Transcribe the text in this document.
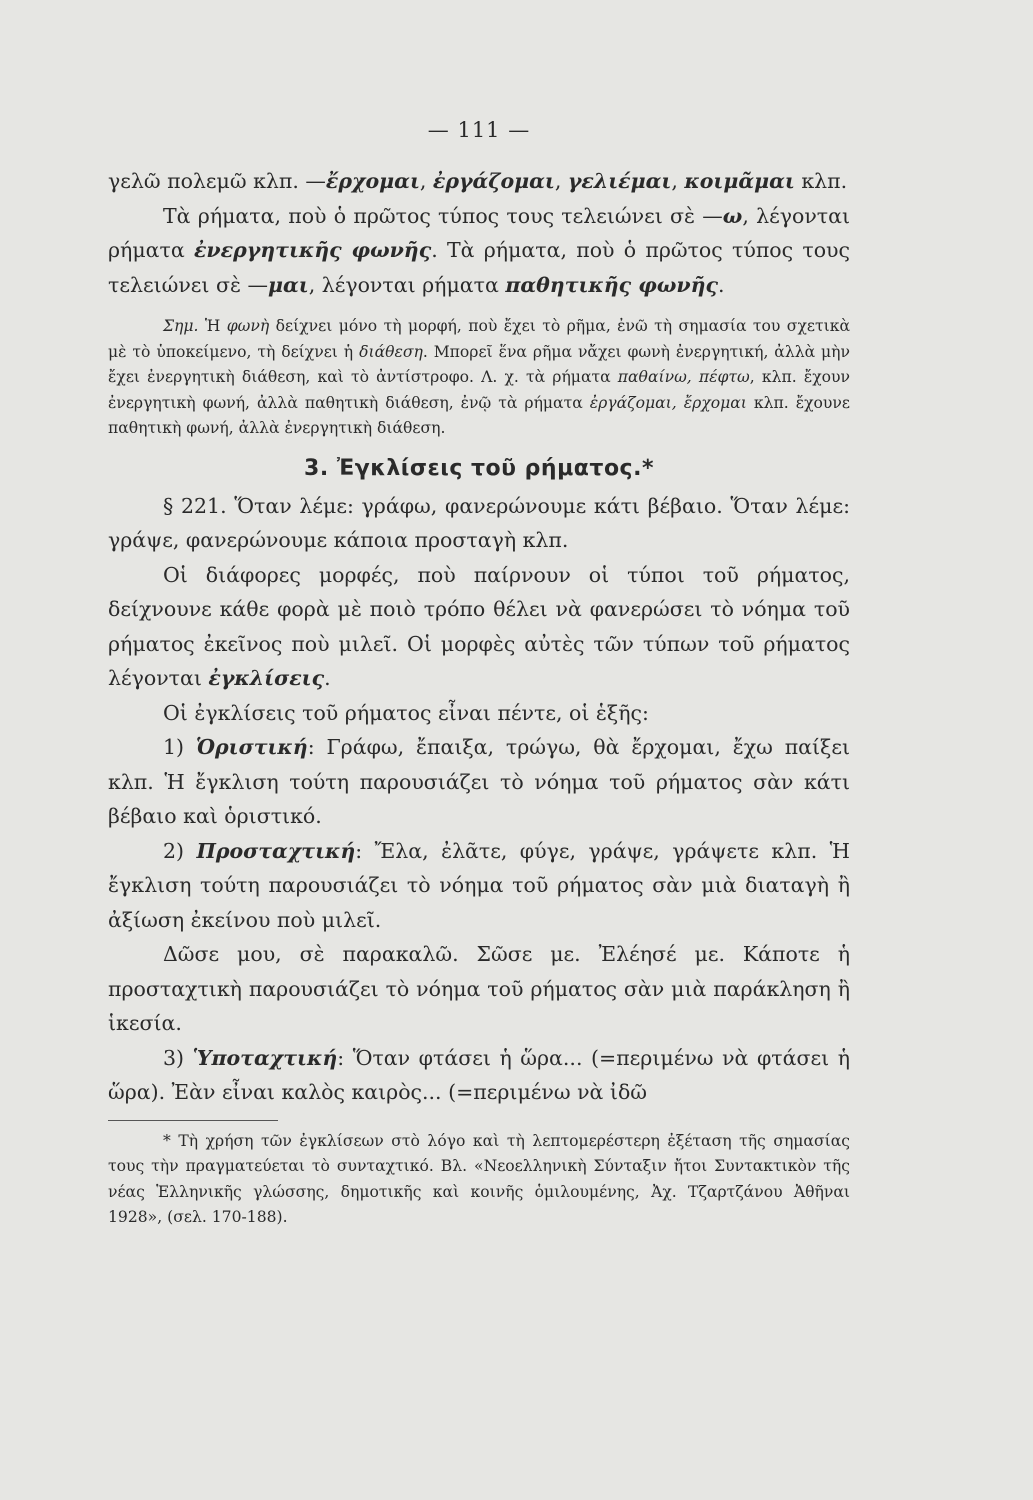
— 111 —

γελῶ πολεμῶ κλπ. —ἔρχομαι, ἐργάζομαι, γελιέμαι, κοιμᾶμαι κλπ.

Τὰ ρήματα, ποὺ ὁ πρῶτος τύπος τους τελειώνει σὲ —ω, λέγονται ρήματα ἐνεργητικῆς φωνῆς. Τὰ ρήματα, ποὺ ὁ πρῶτος τύπος τους τελειώνει σὲ —μαι, λέγονται ρήματα παθητικῆς φωνῆς.

Σημ. Ἡ φωνὴ δείχνει μόνο τὴ μορφή, ποὺ ἔχει τὸ ρῆμα, ἐνῶ τὴ σημασία του σχετικὰ μὲ τὸ ὑποκείμενο, τὴ δείχνει ἡ διάθεση. Μπορεῖ ἕνα ρῆμα νἄχει φωνὴ ἐνεργητική, ἀλλὰ μὴν ἔχει ἐνεργητικὴ διάθεση, καὶ τὸ ἀντίστροφο. Λ. χ. τὰ ρήματα παθαίνω, πέφτω, κλπ. ἔχουν ἐνεργητικὴ φωνή, ἀλλὰ παθητικὴ διάθεση, ἐνῷ τὰ ρήματα ἐργάζομαι, ἔρχομαι κλπ. ἔχουνε παθητικὴ φωνή, ἀλλὰ ἐνεργητικὴ διάθεση.

3. Ἐγκλίσεις τοῦ ρήματος.*

§ 221. Ὅταν λέμε: γράφω, φανερώνουμε κάτι βέβαιο. Ὅταν λέμε: γράψε, φανερώνουμε κάποια προσταγὴ κλπ.

Οἱ διάφορες μορφές, ποὺ παίρνουν οἱ τύποι τοῦ ρήματος, δείχνουνε κάθε φορὰ μὲ ποιὸ τρόπο θέλει νὰ φανερώσει τὸ νόημα τοῦ ρήματος ἐκεῖνος ποὺ μιλεῖ. Οἱ μορφὲς αὐτὲς τῶν τύπων τοῦ ρήματος λέγονται ἐγκλίσεις.

Οἱ ἐγκλίσεις τοῦ ρήματος εἶναι πέντε, οἱ ἑξῆς:

1) Ὁριστική: Γράφω, ἔπαιξα, τρώγω, θὰ ἔρχομαι, ἔχω παίξει κλπ. Ἡ ἔγκλιση τούτη παρουσιάζει τὸ νόημα τοῦ ρήματος σὰν κάτι βέβαιο καὶ ὁριστικό.

2) Προσταχτική: Ἔλα, ἐλᾶτε, φύγε, γράψε, γράψετε κλπ. Ἡ ἔγκλιση τούτη παρουσιάζει τὸ νόημα τοῦ ρήματος σὰν μιὰ διαταγὴ ἢ ἀξίωση ἐκείνου ποὺ μιλεῖ.

Δῶσε μου, σὲ παρακαλῶ. Σῶσε με. Ἐλέησέ με. Κάποτε ἡ προσταχτικὴ παρουσιάζει τὸ νόημα τοῦ ρήματος σὰν μιὰ παράκληση ἢ ἱκεσία.

3) Ὑποταχτική: Ὅταν φτάσει ἡ ὥρα... (=περιμένω νὰ φτάσει ἡ ὥρα). Ἐὰν εἶναι καλὸς καιρὸς... (=περιμένω νὰ ἰδῶ

* Τὴ χρήση τῶν ἐγκλίσεων στὸ λόγο καὶ τὴ λεπτομερέστερη ἐξέταση τῆς σημασίας τους τὴν πραγματεύεται τὸ συνταχτικό. Βλ. «Νεοελληνικὴ Σύνταξιν ἤτοι Συντακτικὸν τῆς νέας Ἑλληνικῆς γλώσσης, δημοτικῆς καὶ κοινῆς ὁμιλουμένης, Ἀχ. Τζαρτζάνου Ἀθῆναι 1928», (σελ. 170-188).
